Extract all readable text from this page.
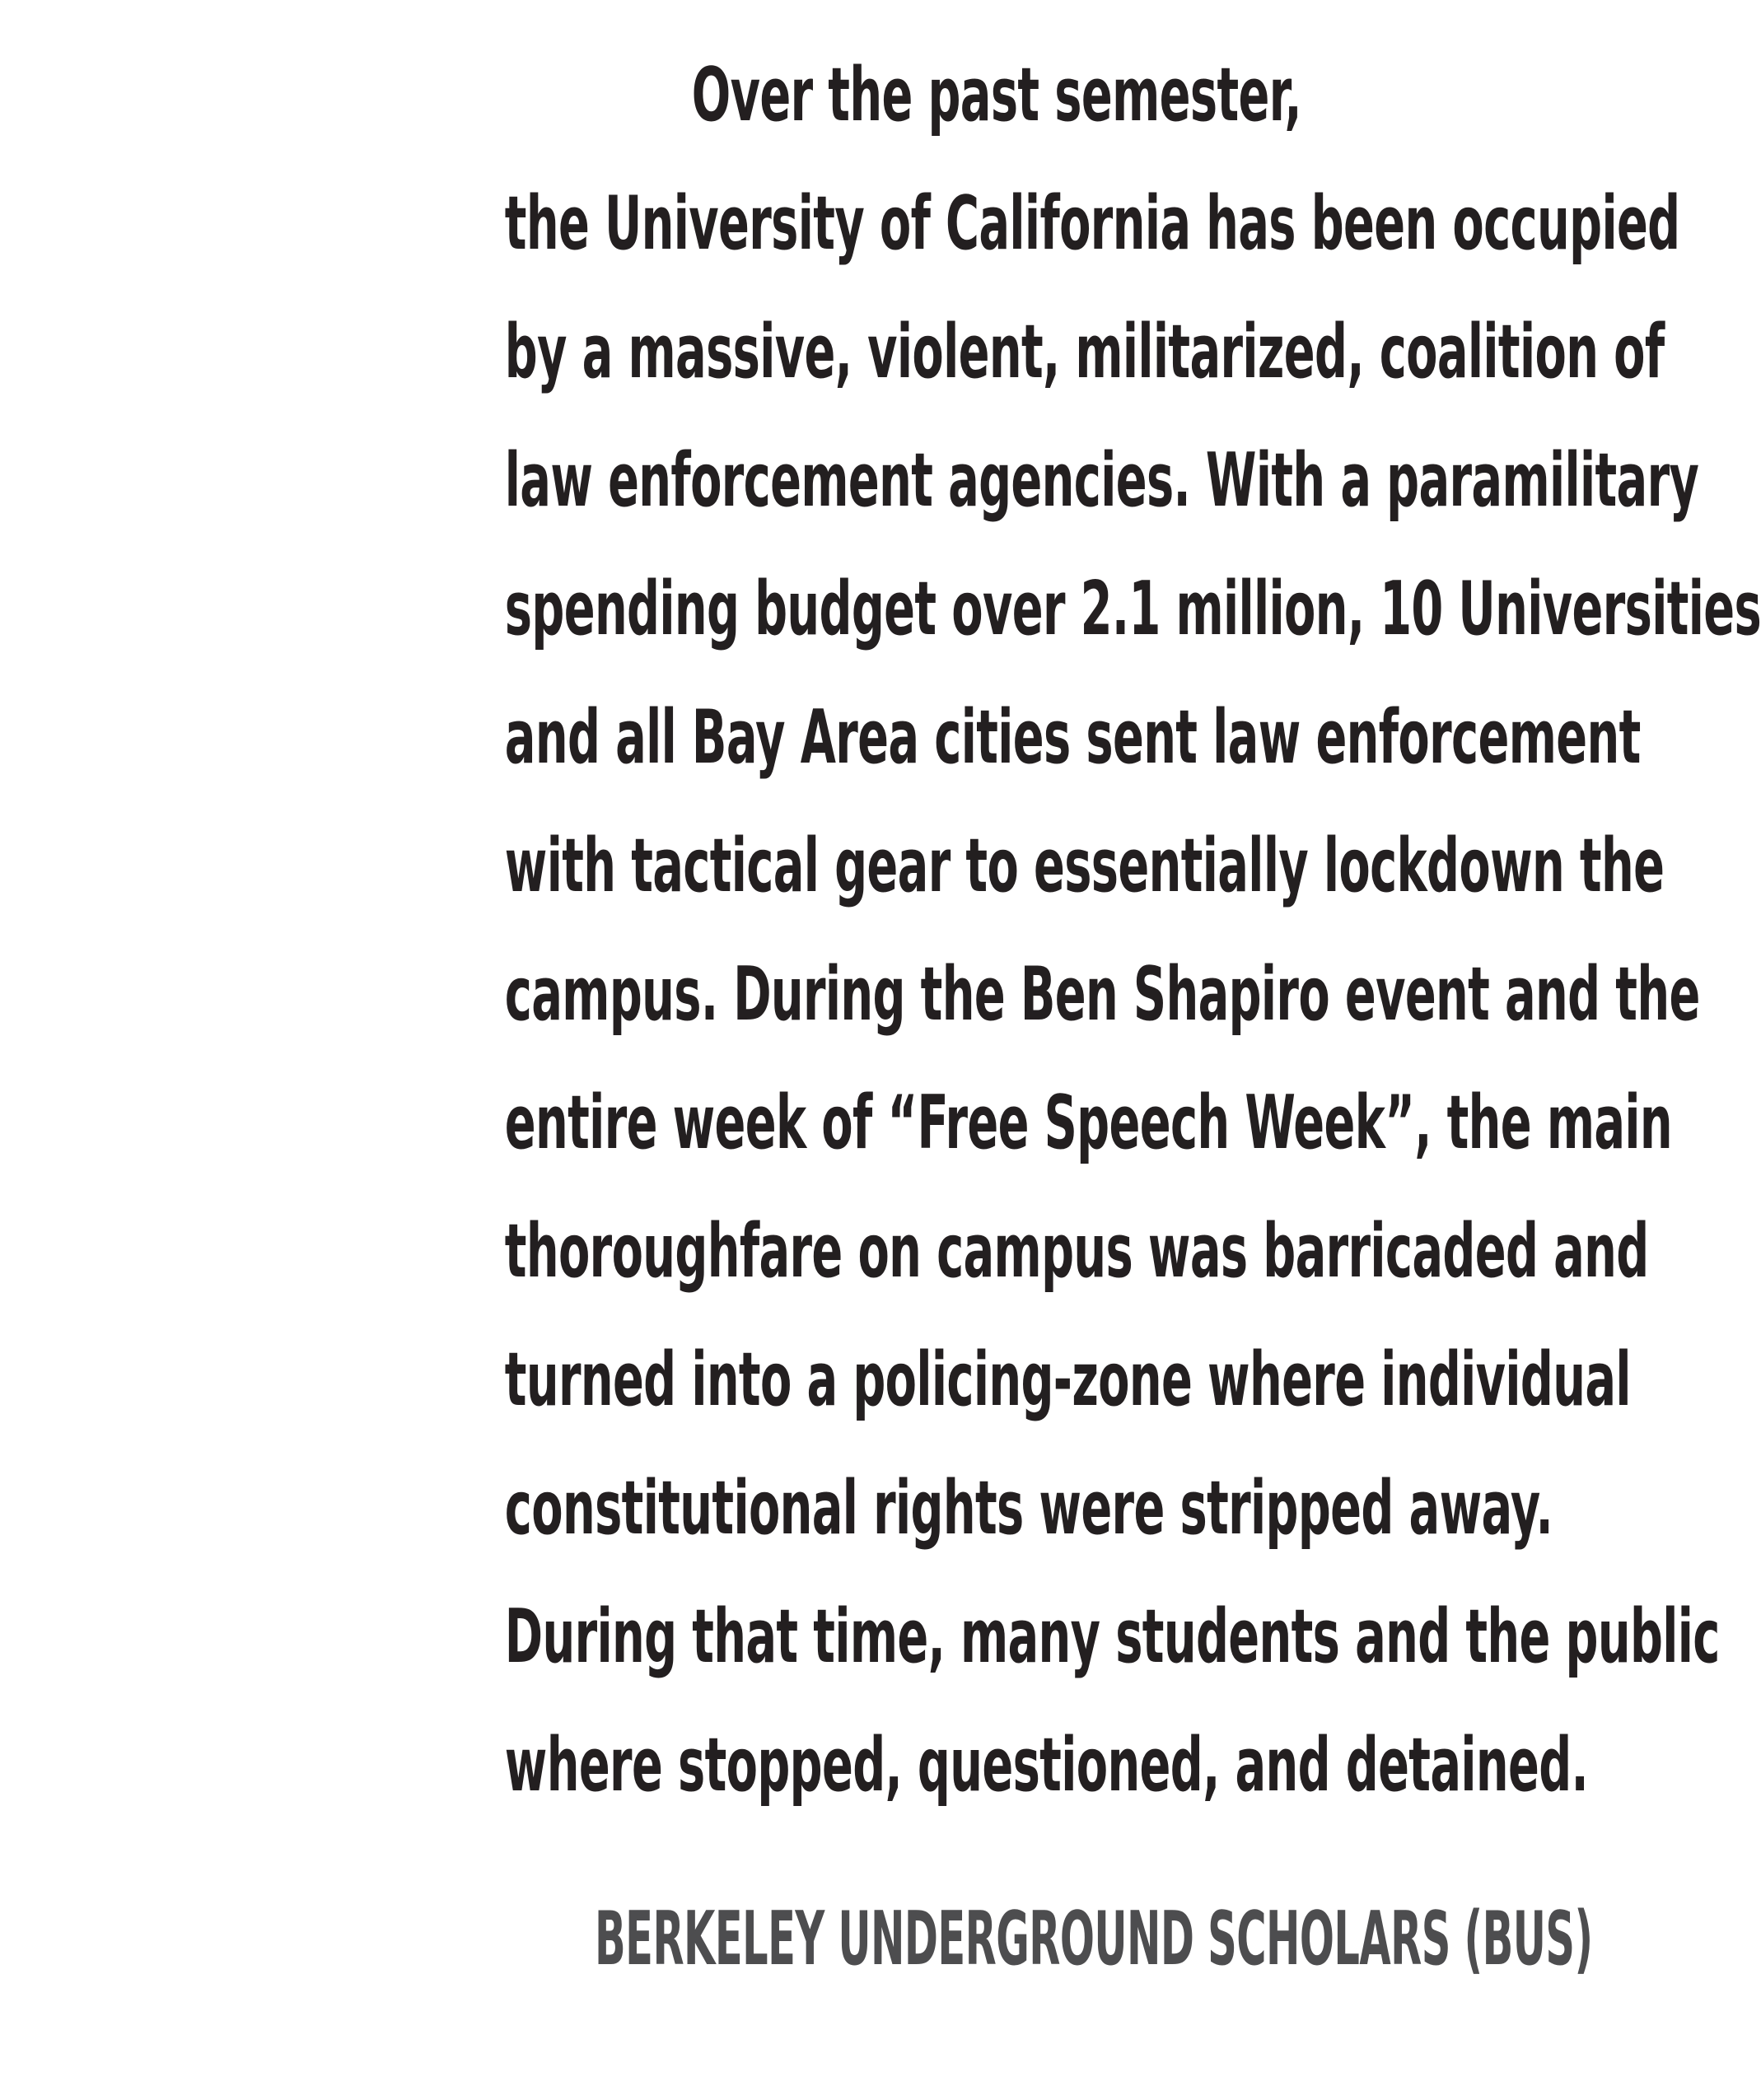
Over the past semester,
the University of California has been occupied
by a massive, violent, militarized, coalition of
law enforcement agencies. With a paramilitary
spending budget over 2.1 million, 10 Universities
and all Bay Area cities sent law enforcement
with tactical gear to essentially lockdown the
campus. During the Ben Shapiro event and the
entire week of “Free Speech Week”, the main
thoroughfare on campus was barricaded and
turned into a policing-zone where individual
constitutional rights were stripped away.
During that time, many students and the public
where stopped, questioned, and detained.
BERKELEY UNDERGROUND SCHOLARS (BUS)
